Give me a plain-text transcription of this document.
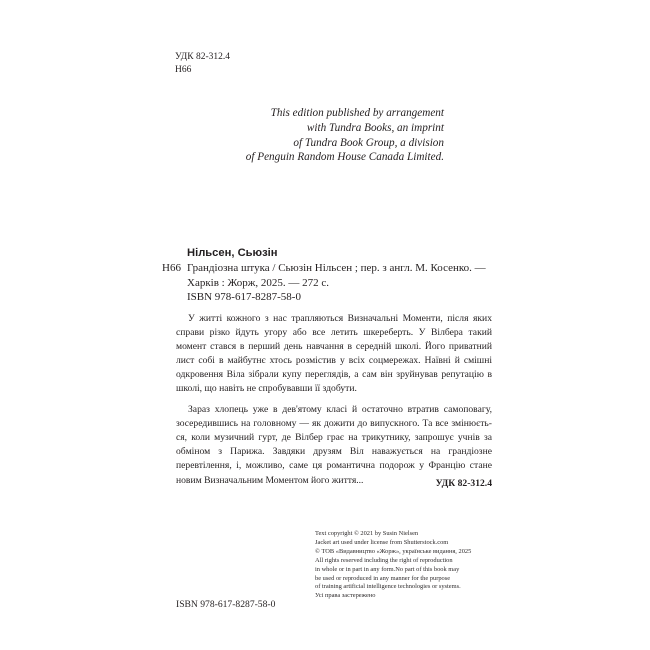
УДК 82-312.4
Н66
This edition published by arrangement
with Tundra Books, an imprint
of Tundra Book Group, a division
of Penguin Random House Canada Limited.
Нільсен, Сьюзін
Н66 Грандіозна штука / Сьюзін Нільсен ; пер. з англ. М. Косенко. —
Харків : Жорж, 2025. — 272 с.
ISBN 978-617-8287-58-0

У житті кожного з нас трапляються Визначальні Моменти, після яких справи різко йдуть угору або все летить шкереберть. У Вілбера такий момент стався в перший день навчання в середній школі. Його приватний лист собі в майбутнє хтось розмістив у всіх соцмережах. Наївні й смішні одкровення Віла зібрали купу переглядів, а сам він зруйнував репутацію в школі, що навіть не спробувавши її здобути.

Зараз хлопець уже в дев'ятому класі й остаточно втратив самоповагу, зосередившись на головному — як дожити до випускного. Та все змінюється, коли музичний гурт, де Вілбер грає на трикутнику, запрошує учнів за обміном з Парижа. Завдяки друзям Віл наважується на грандіозне перевтілення, і, можливо, саме ця романтична подорож у Францію стане новим Визначальним Моментом його життя...	УДК 82-312.4
Text copyright © 2021 by Susin Nielsen
Jacket art used under license from Shutterstock.com
© ТОВ «Видавництво «Жорж», українське видання, 2025
All rights reserved including the right of reproduction
in whole or in part in any form.No part of this book may
be used or reproduced in any manner for the purpose
of training artificial intelligence technologies or systems.
Усі права застережено
ISBN 978-617-8287-58-0
